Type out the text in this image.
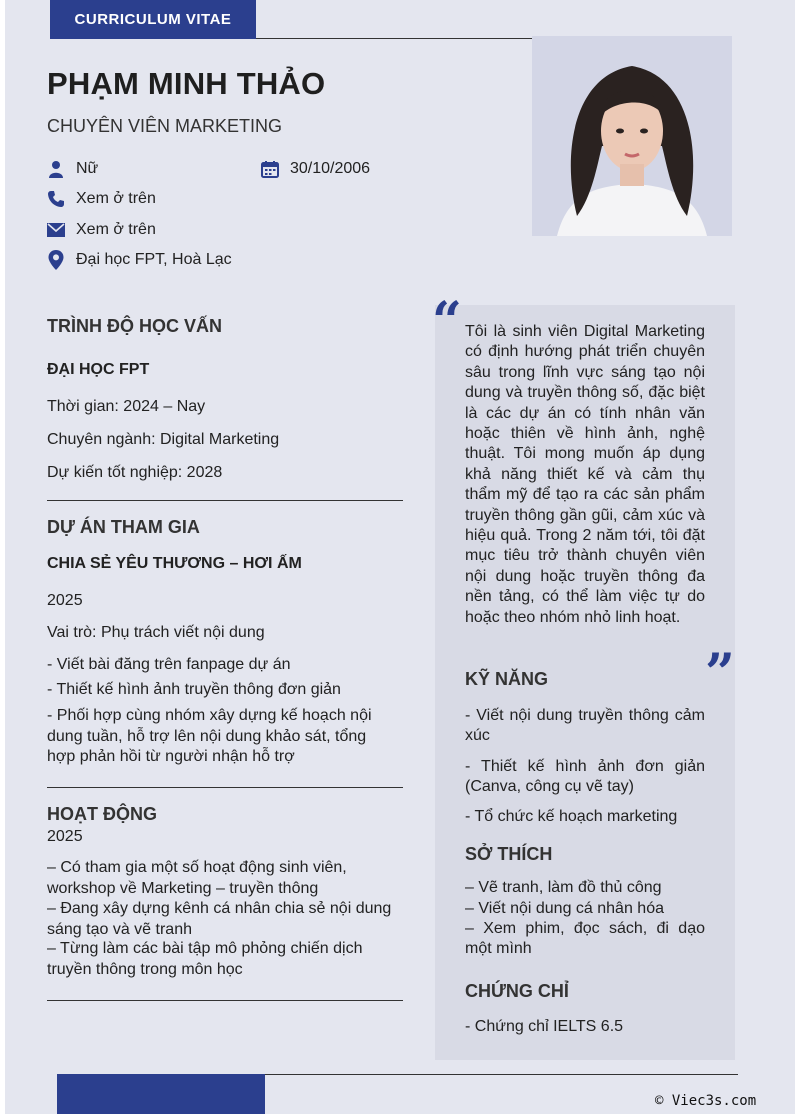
CURRICULUM VITAE
PHẠM MINH THẢO
CHUYÊN VIÊN MARKETING
Nữ	30/10/2006
Xem ở trên
Xem ở trên
Đại học FPT, Hoà Lạc
TRÌNH ĐỘ HỌC VẤN
ĐẠI HỌC FPT
Thời gian: 2024 – Nay
Chuyên ngành: Digital Marketing
Dự kiến tốt nghiệp: 2028
DỰ ÁN THAM GIA
CHIA SẺ YÊU THƯƠNG – HƠI ẤM
2025
Vai trò: Phụ trách viết nội dung
- Viết bài đăng trên fanpage dự án
- Thiết kế hình ảnh truyền thông đơn giản
- Phối hợp cùng nhóm xây dựng kế hoạch nội dung tuần, hỗ trợ lên nội dung khảo sát, tổng hợp phản hồi từ người nhận hỗ trợ
HOẠT ĐỘNG
2025
– Có tham gia một số hoạt động sinh viên, workshop về Marketing – truyền thông
– Đang xây dựng kênh cá nhân chia sẻ nội dung sáng tạo và vẽ tranh
– Từng làm các bài tập mô phỏng chiến dịch truyền thông trong môn học
“ Tôi là sinh viên Digital Marketing có định hướng phát triển chuyên sâu trong lĩnh vực sáng tạo nội dung và truyền thông số, đặc biệt là các dự án có tính nhân văn hoặc thiên về hình ảnh, nghệ thuật. Tôi mong muốn áp dụng khả năng thiết kế và cảm thụ thẩm mỹ để tạo ra các sản phẩm truyền thông gần gũi, cảm xúc và hiệu quả. Trong 2 năm tới, tôi đặt mục tiêu trở thành chuyên viên nội dung hoặc truyền thông đa nền tảng, có thể làm việc tự do hoặc theo nhóm nhỏ linh hoạt.
”
KỸ NĂNG
- Viết nội dung truyền thông cảm xúc
- Thiết kế hình ảnh đơn giản (Canva, công cụ vẽ tay)
- Tổ chức kế hoạch marketing
SỞ THÍCH
– Vẽ tranh, làm đồ thủ công
– Viết nội dung cá nhân hóa
– Xem phim, đọc sách, đi dạo một mình
CHỨNG CHỈ
- Chứng chỉ IELTS 6.5
© Viec3s.com
